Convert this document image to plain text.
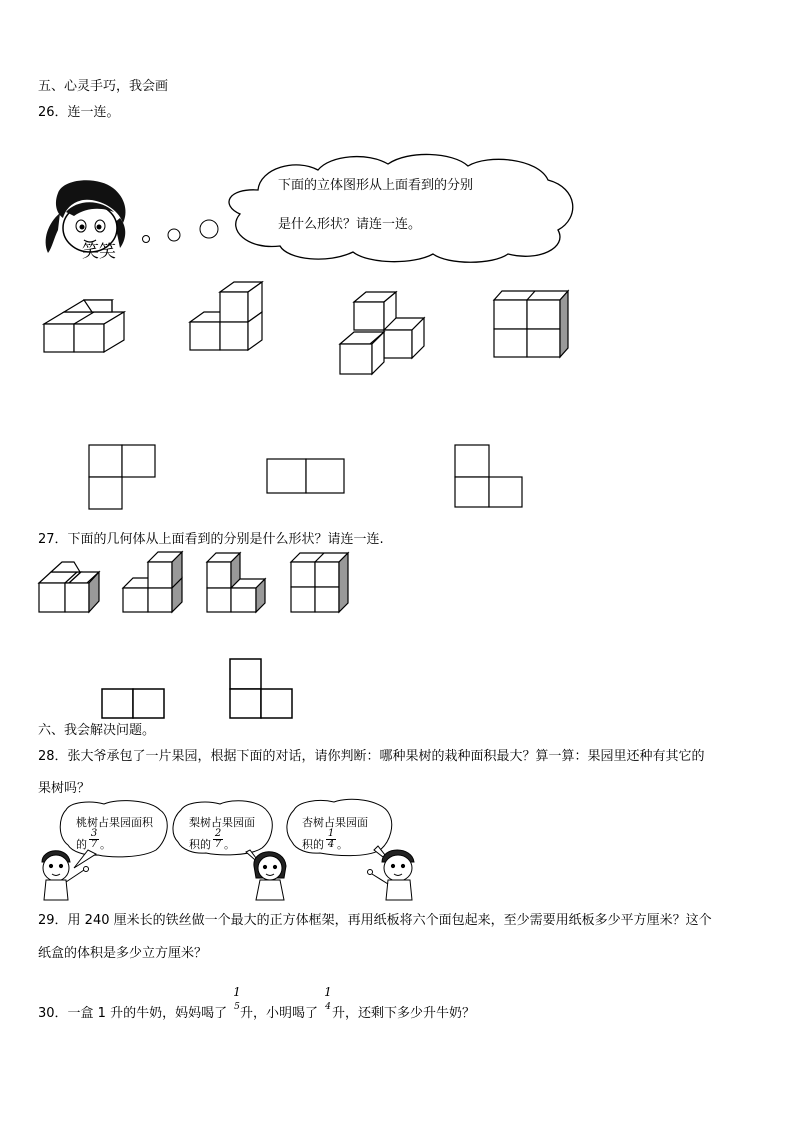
五、心灵手巧，我会画
26．连一连。
笑笑
下面的立体图形从上面看到的分别
是什么形状？请连一连。
27．下面的几何体从上面看到的分别是什么形状？请连一连.
六、我会解决问题。
28．张大爷承包了一片果园，根据下面的对话，请你判断：哪种果树的栽种面积最大？算一算：果园里还种有其它的
果树吗？
桃树占果园面积
的 $\frac{3}{7}$ 。
梨树占果园面
积的 $\frac{2}{7}$ 。
杏树占果园面
积的 $\frac{1}{4}$ 。
29．用 240 厘米长的铁丝做一个最大的正方体框架，再用纸板将六个面包起来，至少需要用纸板多少平方厘米？这个
纸盒的体积是多少立方厘米？
30．一盒 1 升的牛奶，妈妈喝了
1
5 升，小明喝了
1
4 升，还剩下多少升牛奶？
